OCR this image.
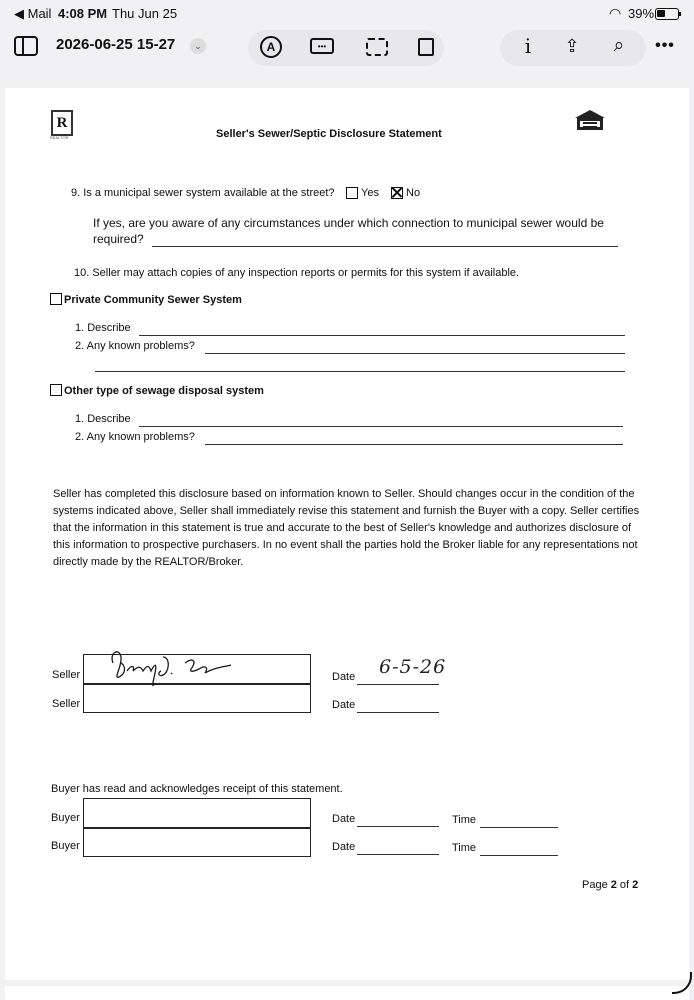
◀ Mail 4:08 PM Thu Jun 25	◠ 39%
2026-06-25 15-27	⌄	A	•••	i	⇪ ⌕	•••
R
REALTOR	Seller's Sewer/Septic Disclosure Statement
9. Is a municipal sewer system available at the street? Yes No
If yes, are you aware of any circumstances under which connection to municipal sewer would be
required?
10. Seller may attach copies of any inspection reports or permits for this system if available.
Private Community Sewer System
1. Describe
2. Any known problems?
Other type of sewage disposal system
1. Describe
2. Any known problems?
Seller has completed this disclosure based on information known to Seller. Should changes occur in the condition of the systems indicated above, Seller shall immediately revise this statement and furnish the Buyer with a copy. Seller certifies that the information in this statement is true and accurate to the best of Seller's knowledge and authorizes disclosure of this information to prospective purchasers. In no event shall the parties hold the Broker liable for any representations not directly made by the REALTOR/Broker.
Seller	Date 6-5-26
Seller	Date
Buyer has read and acknowledges receipt of this statement.
Buyer	Date	Time
Buyer	Date	Time
Page 2 of 2
